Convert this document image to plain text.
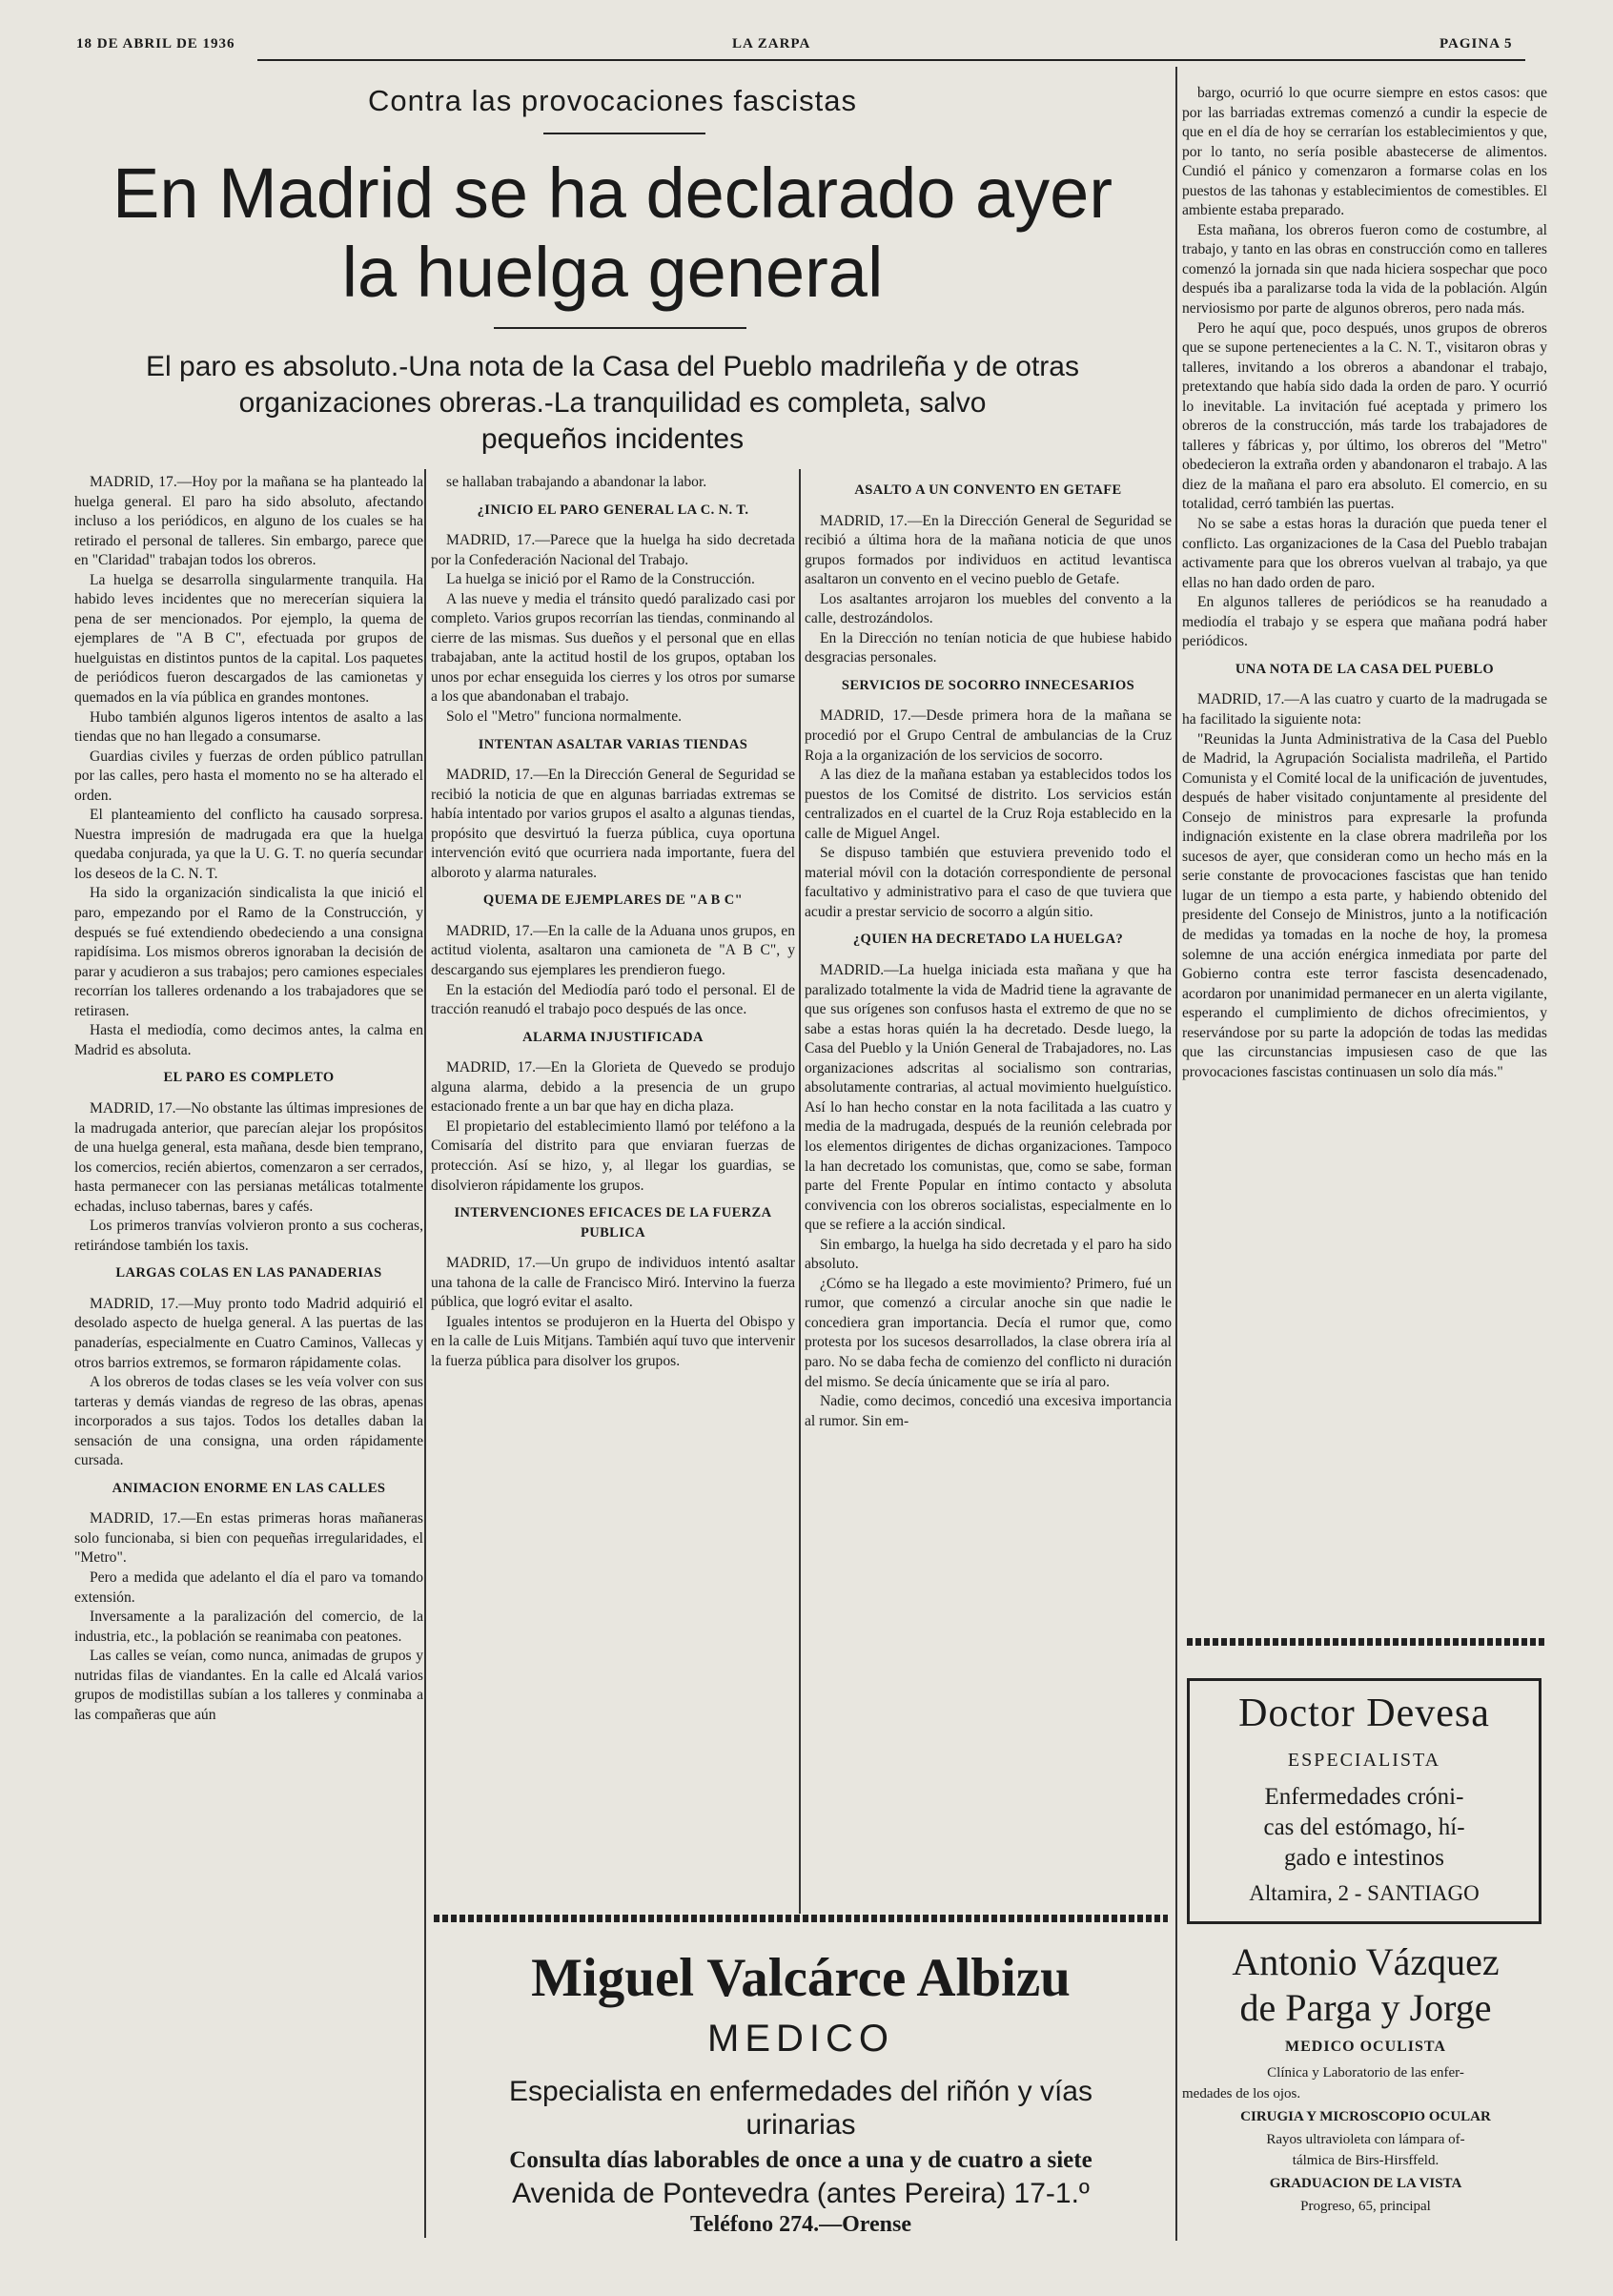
18 DE ABRIL DE 1936	LA ZARPA	PAGINA 5
Contra las provocaciones fascistas
En Madrid se ha declarado ayer
la huelga general
El paro es absoluto.-Una nota de la Casa del Pueblo madrileña y de otras
organizaciones obreras.-La tranquilidad es completa, salvo
pequeños incidentes

MADRID, 17.—Hoy por la mañana se ha planteado la huelga general. El paro ha sido absoluto, afectando incluso a los periódicos, en alguno de los cuales se ha retirado el personal de talleres. Sin embargo, parece que en "Claridad" trabajan todos los obreros.

La huelga se desarrolla singularmente tranquila. Ha habido leves incidentes que no merecerían siquiera la pena de ser mencionados. Por ejemplo, la quema de ejemplares de "A B C", efectuada por grupos de huelguistas en distintos puntos de la capital. Los paquetes de periódicos fueron descargados de las camionetas y quemados en la vía pública en grandes montones.

Hubo también algunos ligeros intentos de asalto a las tiendas que no han llegado a consumarse.

Guardias civiles y fuerzas de orden público patrullan por las calles, pero hasta el momento no se ha alterado el orden.

El planteamiento del conflicto ha causado sorpresa. Nuestra impresión de madrugada era que la huelga quedaba conjurada, ya que la U. G. T. no quería secundar los deseos de la C. N. T.

Ha sido la organización sindicalista la que inició el paro, empezando por el Ramo de la Construcción, y después se fué extendiendo obedeciendo a una consigna rapidísima. Los mismos obreros ignoraban la decisión de parar y acudieron a sus trabajos; pero camiones especiales recorrían los talleres ordenando a los trabajadores que se retirasen.

Hasta el mediodía, como decimos antes, la calma en Madrid es absoluta.

EL PARO ES COMPLETO

MADRID, 17.—No obstante las últimas impresiones de la madrugada anterior, que parecían alejar los propósitos de una huelga general, esta mañana, desde bien temprano, los comercios, recién abiertos, comenzaron a ser cerrados, hasta permanecer con las persianas metálicas totalmente echadas, incluso tabernas, bares y cafés.

Los primeros tranvías volvieron pronto a sus cocheras, retirándose también los taxis.

LARGAS COLAS EN LAS PANADERIAS

MADRID, 17.—Muy pronto todo Madrid adquirió el desolado aspecto de huelga general. A las puertas de las panaderías, especialmente en Cuatro Caminos, Vallecas y otros barrios extremos, se formaron rápidamente colas.

A los obreros de todas clases se les veía volver con sus tarteras y demás viandas de regreso de las obras, apenas incorporados a sus tajos. Todos los detalles daban la sensación de una consigna, una orden rápidamente cursada.

ANIMACION ENORME EN LAS CALLES

MADRID, 17.—En estas primeras horas mañaneras solo funcionaba, si bien con pequeñas irregularidades, el "Metro".

Pero a medida que adelanto el día el paro va tomando extensión.

Inversamente a la paralización del comercio, de la industria, etc., la población se reanimaba con peatones.

Las calles se veían, como nunca, animadas de grupos y nutridas filas de viandantes. En la calle ed Alcalá varios grupos de modistillas subían a los talleres y conminaba a las compañeras que aún

se hallaban trabajando a abandonar la labor.

¿INICIO EL PARO GENERAL LA C. N. T.

MADRID, 17.—Parece que la huelga ha sido decretada por la Confederación Nacional del Trabajo.

La huelga se inició por el Ramo de la Construcción.

A las nueve y media el tránsito quedó paralizado casi por completo. Varios grupos recorrían las tiendas, conminando al cierre de las mismas. Sus dueños y el personal que en ellas trabajaban, ante la actitud hostil de los grupos, optaban los unos por echar enseguida los cierres y los otros por sumarse a los que abandonaban el trabajo.

Solo el "Metro" funciona normalmente.

INTENTAN ASALTAR VARIAS TIENDAS

MADRID, 17.—En la Dirección General de Seguridad se recibió la noticia de que en algunas barriadas extremas se había intentado por varios grupos el asalto a algunas tiendas, propósito que desvirtuó la fuerza pública, cuya oportuna intervención evitó que ocurriera nada importante, fuera del alboroto y alarma naturales.

QUEMA DE EJEMPLARES DE "A B C"

MADRID, 17.—En la calle de la Aduana unos grupos, en actitud violenta, asaltaron una camioneta de "A B C", y descargando sus ejemplares les prendieron fuego.

En la estación del Mediodía paró todo el personal. El de tracción reanudó el trabajo poco después de las once.

ALARMA INJUSTIFICADA

MADRID, 17.—En la Glorieta de Quevedo se produjo alguna alarma, debido a la presencia de un grupo estacionado frente a un bar que hay en dicha plaza.

El propietario del establecimiento llamó por teléfono a la Comisaría del distrito para que enviaran fuerzas de protección. Así se hizo, y, al llegar los guardias, se disolvieron rápidamente los grupos.

INTERVENCIONES EFICACES DE LA FUERZA PUBLICA

MADRID, 17.—Un grupo de individuos intentó asaltar una tahona de la calle de Francisco Miró. Intervino la fuerza pública, que logró evitar el asalto.

Iguales intentos se produjeron en la Huerta del Obispo y en la calle de Luis Mitjans. También aquí tuvo que intervenir la fuerza pública para disolver los grupos.

ASALTO A UN CONVENTO EN GETAFE

MADRID, 17.—En la Dirección General de Seguridad se recibió a última hora de la mañana noticia de que unos grupos formados por individuos en actitud levantisca asaltaron un convento en el vecino pueblo de Getafe.

Los asaltantes arrojaron los muebles del convento a la calle, destrozándolos.

En la Dirección no tenían noticia de que hubiese habido desgracias personales.

SERVICIOS DE SOCORRO INNECESARIOS

MADRID, 17.—Desde primera hora de la mañana se procedió por el Grupo Central de ambulancias de la Cruz Roja a la organización de los servicios de socorro.

A las diez de la mañana estaban ya establecidos todos los puestos de los Comitsé de distrito. Los servicios están centralizados en el cuartel de la Cruz Roja establecido en la calle de Miguel Angel.

Se dispuso también que estuviera prevenido todo el material móvil con la dotación correspondiente de personal facultativo y administrativo para el caso de que tuviera que acudir a prestar servicio de socorro a algún sitio.

¿QUIEN HA DECRETADO LA HUELGA?

MADRID.—La huelga iniciada esta mañana y que ha paralizado totalmente la vida de Madrid tiene la agravante de que sus orígenes son confusos hasta el extremo de que no se sabe a estas horas quién la ha decretado. Desde luego, la Casa del Pueblo y la Unión General de Trabajadores, no. Las organizaciones adscritas al socialismo son contrarias, absolutamente contrarias, al actual movimiento huelguístico. Así lo han hecho constar en la nota facilitada a las cuatro y media de la madrugada, después de la reunión celebrada por los elementos dirigentes de dichas organizaciones. Tampoco la han decretado los comunistas, que, como se sabe, forman parte del Frente Popular en íntimo contacto y absoluta convivencia con los obreros socialistas, especialmente en lo que se refiere a la acción sindical.

Sin embargo, la huelga ha sido decretada y el paro ha sido absoluto.

¿Cómo se ha llegado a este movimiento? Primero, fué un rumor, que comenzó a circular anoche sin que nadie le concediera gran importancia. Decía el rumor que, como protesta por los sucesos desarrollados, la clase obrera iría al paro. No se daba fecha de comienzo del conflicto ni duración del mismo. Se decía únicamente que se iría al paro.

Nadie, como decimos, concedió una excesiva importancia al rumor. Sin em-

bargo, ocurrió lo que ocurre siempre en estos casos: que por las barriadas extremas comenzó a cundir la especie de que en el día de hoy se cerrarían los establecimientos y que, por lo tanto, no sería posible abastecerse de alimentos. Cundió el pánico y comenzaron a formarse colas en los puestos de las tahonas y establecimientos de comestibles. El ambiente estaba preparado.

Esta mañana, los obreros fueron como de costumbre, al trabajo, y tanto en las obras en construcción como en talleres comenzó la jornada sin que nada hiciera sospechar que poco después iba a paralizarse toda la vida de la población. Algún nerviosismo por parte de algunos obreros, pero nada más.

Pero he aquí que, poco después, unos grupos de obreros que se supone pertenecientes a la C. N. T., visitaron obras y talleres, invitando a los obreros a abandonar el trabajo, pretextando que había sido dada la orden de paro. Y ocurrió lo inevitable. La invitación fué aceptada y primero los obreros de la construcción, más tarde los trabajadores de talleres y fábricas y, por último, los obreros del "Metro" obedecieron la extraña orden y abandonaron el trabajo. A las diez de la mañana el paro era absoluto. El comercio, en su totalidad, cerró también las puertas.

No se sabe a estas horas la duración que pueda tener el conflicto. Las organizaciones de la Casa del Pueblo trabajan activamente para que los obreros vuelvan al trabajo, ya que ellas no han dado orden de paro.

En algunos talleres de periódicos se ha reanudado a mediodía el trabajo y se espera que mañana podrá haber periódicos.

UNA NOTA DE LA CASA DEL PUEBLO

MADRID, 17.—A las cuatro y cuarto de la madrugada se ha facilitado la siguiente nota:

"Reunidas la Junta Administrativa de la Casa del Pueblo de Madrid, la Agrupación Socialista madrileña, el Partido Comunista y el Comité local de la unificación de juventudes, después de haber visitado conjuntamente al presidente del Consejo de ministros para expresarle la profunda indignación existente en la clase obrera madrileña por los sucesos de ayer, que consideran como un hecho más en la serie constante de provocaciones fascistas que han tenido lugar de un tiempo a esta parte, y habiendo obtenido del presidente del Consejo de Ministros, junto a la notificación de medidas ya tomadas en la noche de hoy, la promesa solemne de una acción enérgica inmediata por parte del Gobierno contra este terror fascista desencadenado, acordaron por unanimidad permanecer en un alerta vigilante, esperando el cumplimiento de dichos ofrecimientos, y reservándose por su parte la adopción de todas las medidas que las circunstancias impusiesen caso de que las provocaciones fascistas continuasen un solo día más."

Miguel Valcárce Albizu
MEDICO
Especialista en enfermedades del riñón y vías
urinarias
Consulta días laborables de once a una y de cuatro a siete
Avenida de Pontevedra (antes Pereira) 17-1.º
Teléfono 274.—Orense
Doctor Devesa
ESPECIALISTA
Enfermedades cróni-
cas del estómago, hí-
gado e intestinos
Altamira, 2 - SANTIAGO
Antonio Vázquez
de Parga y Jorge
MEDICO OCULISTA
Clínica y Laboratorio de las enfer-
medades de los ojos.
CIRUGIA Y MICROSCOPIO OCULAR
Rayos ultravioleta con lámpara of-
tálmica de Birs-Hirsffeld.
GRADUACION DE LA VISTA
Progreso, 65, principal
